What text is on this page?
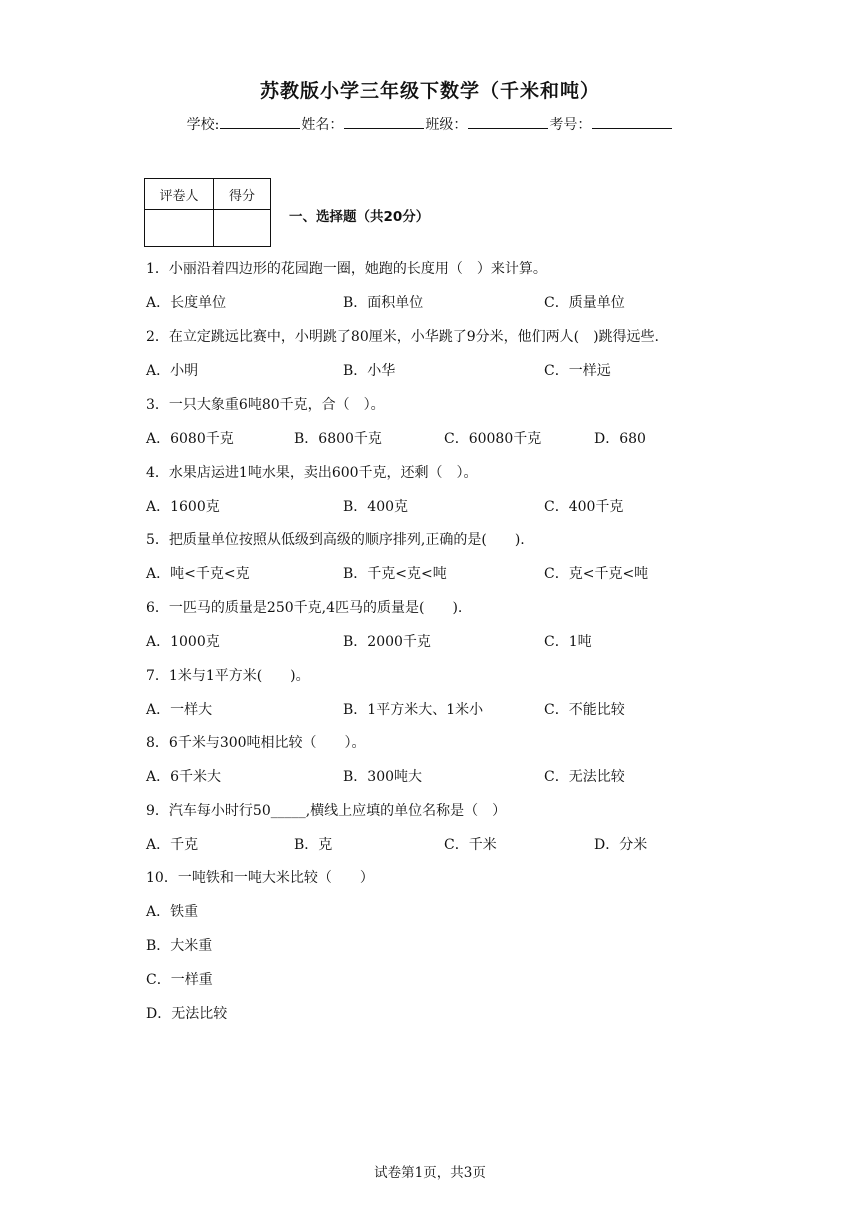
苏教版小学三年级下数学（千米和吨）
学校:	姓名：	班级：	考号：
评卷人	得分

一、选择题（共20分）
1．小丽沿着四边形的花园跑一圈，她跑的长度用（　）来计算。
A．长度单位	B．面积单位	C．质量单位
2．在立定跳远比赛中，小明跳了80厘米，小华跳了9分米，他们两人(　)跳得远些.
A．小明	B．小华	C．一样远
3．一只大象重6吨80千克，合（　）。
A．6080千克	B．6800千克	C．60080千克	D．680
4．水果店运进1吨水果，卖出600千克，还剩（　）。
A．1600克	B．400克	C．400千克
5．把质量单位按照从低级到高级的顺序排列,正确的是(　　).
A．吨<千克<克	B．千克<克<吨	C．克<千克<吨
6．一匹马的质量是250千克,4匹马的质量是(　　).
A．1000克	B．2000千克	C．1吨
7．1米与1平方米(　　)。
A．一样大	B．1平方米大、1米小	C．不能比较
8．6千米与300吨相比较（　　）。
A．6千米大	B．300吨大	C．无法比较
9．汽车每小时行50_____,横线上应填的单位名称是（　）
A．千克	B．克	C．千米	D．分米
10．一吨铁和一吨大米比较（　　）
A．铁重
B．大米重
C．一样重
D．无法比较
试卷第1页，共3页
